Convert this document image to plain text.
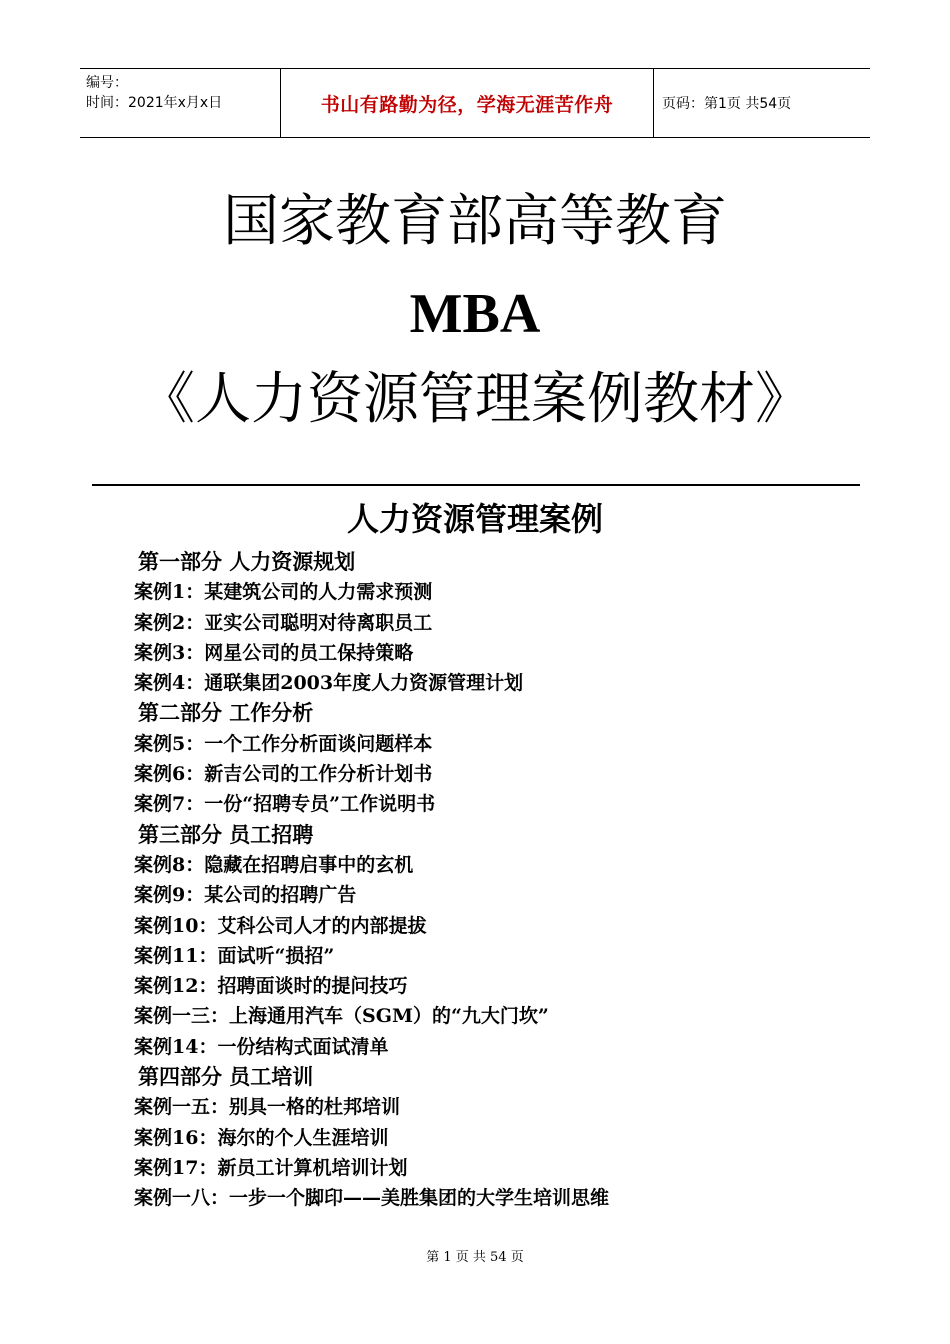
编号：
时间：2021年x月x日	书山有路勤为径，学海无涯苦作舟	页码：第1页 共54页
国家教育部高等教育
MBA
《人力资源管理案例教材》
人力资源管理案例
第一部分 人力资源规划
案例1：某建筑公司的人力需求预测
案例2：亚实公司聪明对待离职员工
案例3：网星公司的员工保持策略
案例4：通联集团2003年度人力资源管理计划
第二部分 工作分析
案例5：一个工作分析面谈问题样本
案例6：新吉公司的工作分析计划书
案例7：一份“招聘专员”工作说明书
第三部分 员工招聘
案例8：隐藏在招聘启事中的玄机
案例9：某公司的招聘广告
案例10：艾科公司人才的内部提拔
案例11：面试听“损招”
案例12：招聘面谈时的提问技巧
案例一三：上海通用汽车（SGM）的“九大门坎”
案例14：一份结构式面试清单
第四部分 员工培训
案例一五：别具一格的杜邦培训
案例16：海尔的个人生涯培训
案例17：新员工计算机培训计划
案例一八：一步一个脚印——美胜集团的大学生培训思维
第 1 页 共 54 页
